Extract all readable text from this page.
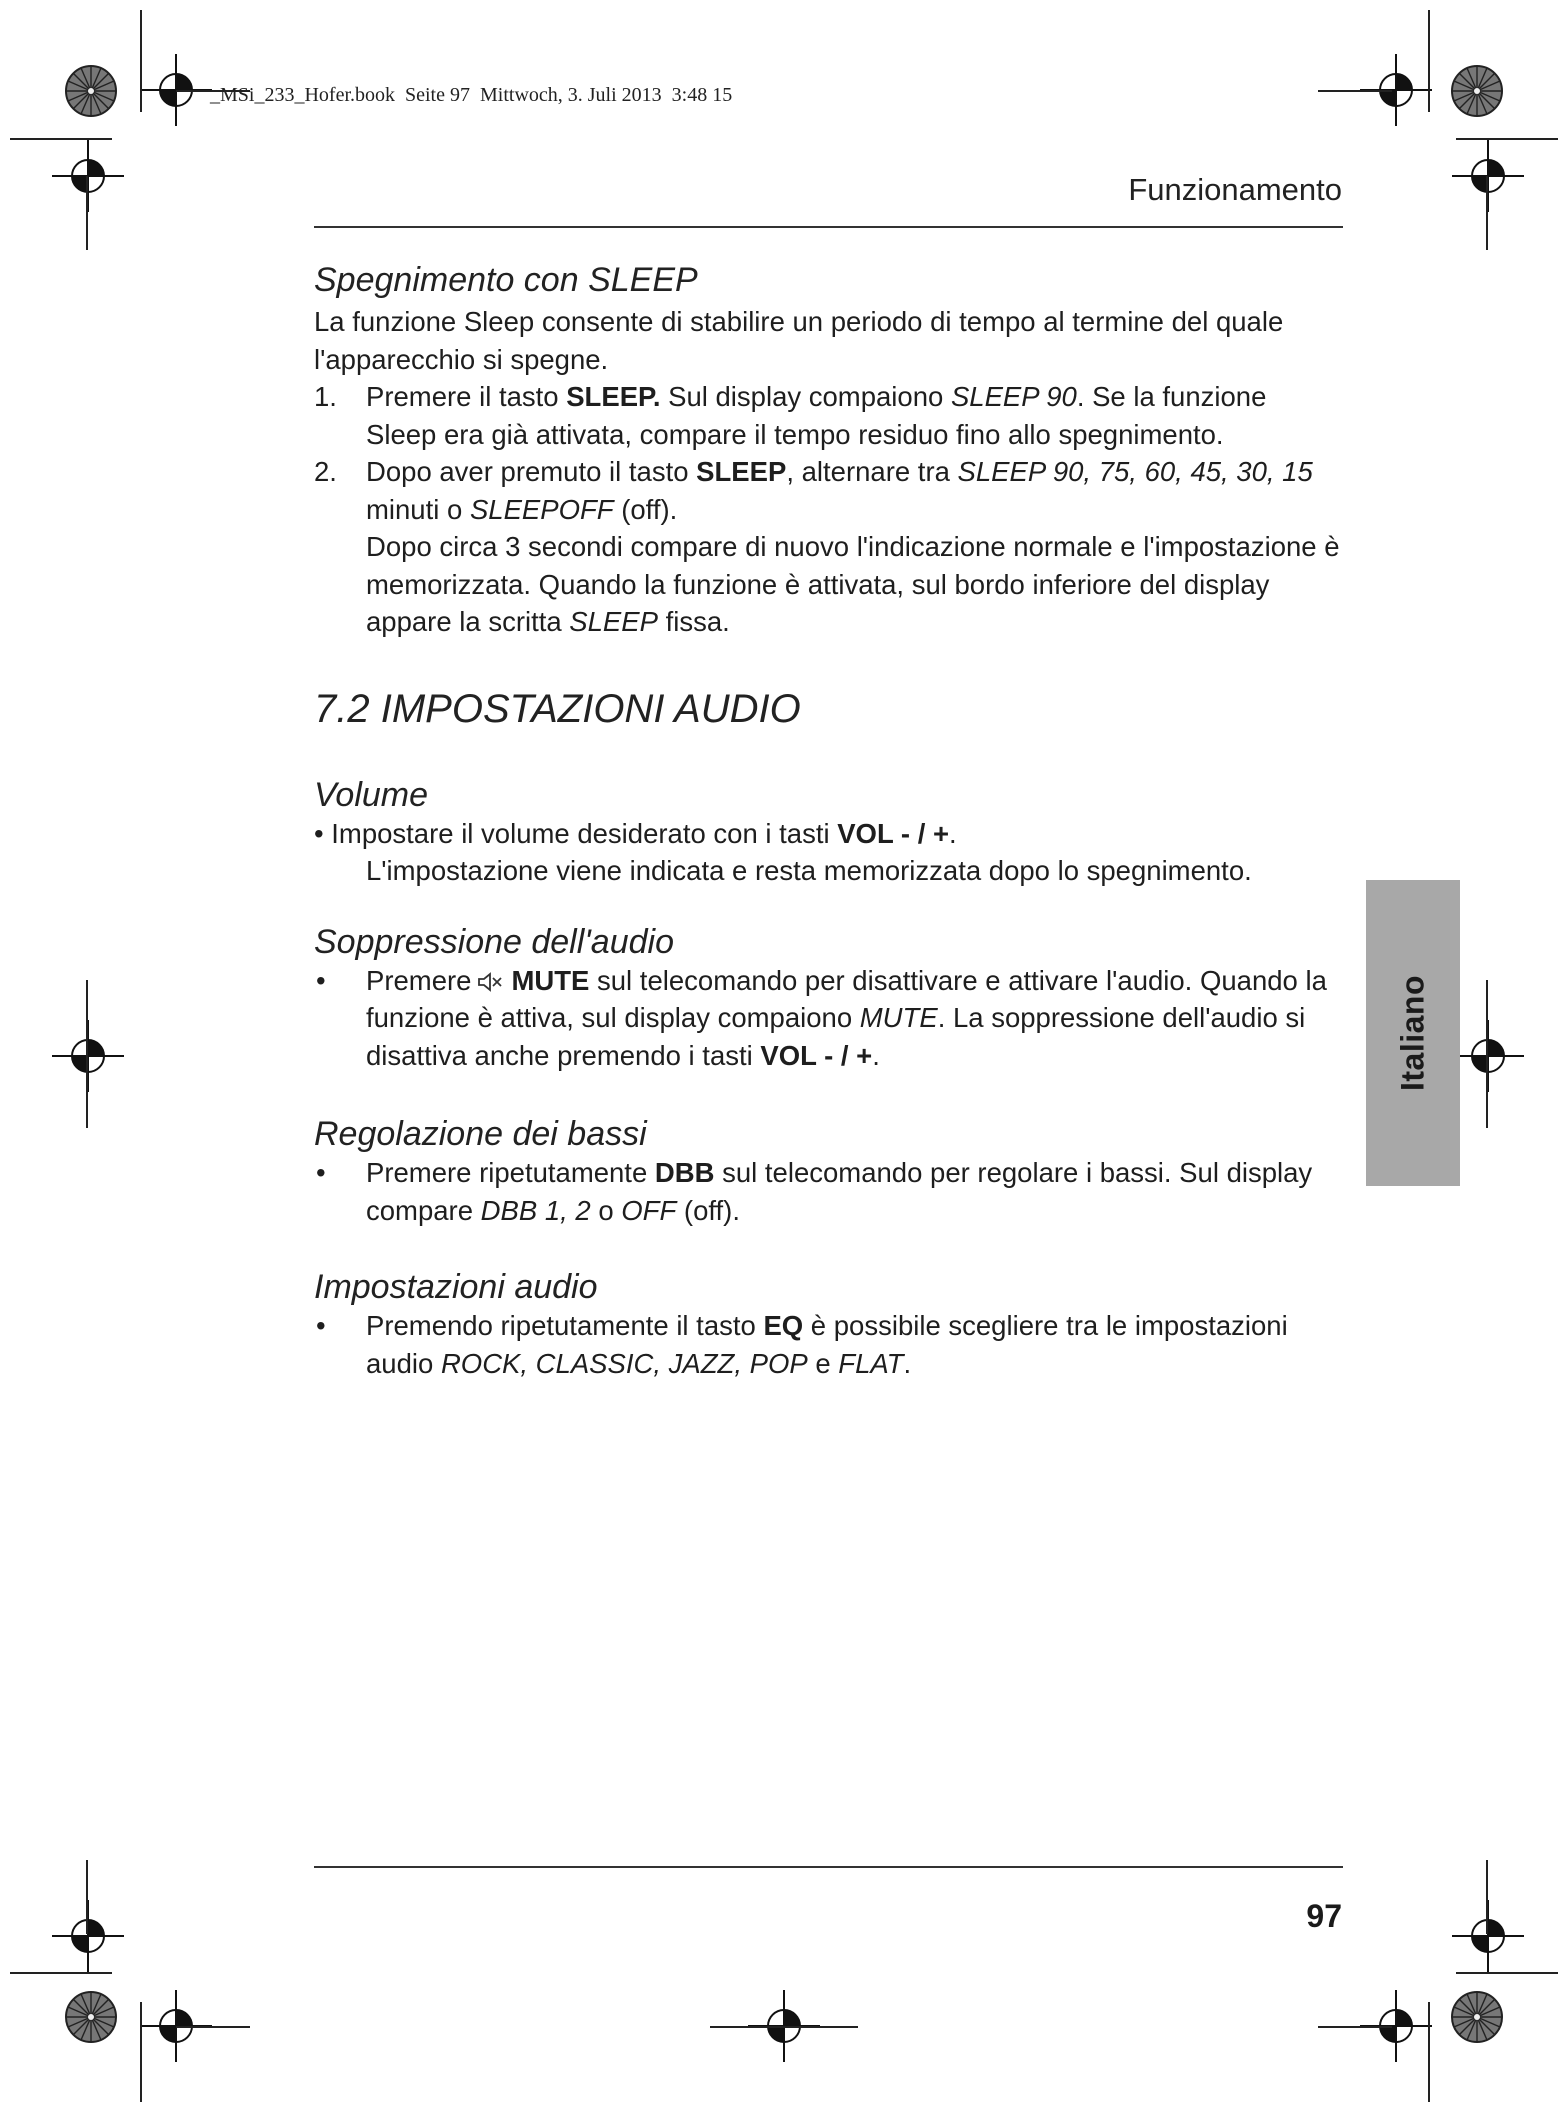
_MSi_233_Hofer.book Seite 97 Mittwoch, 3. Juli 2013 3:48 15
Funzionamento
Spegnimento con SLEEP

La funzione Sleep consente di stabilire un periodo di tempo al termine del quale l'apparecchio si spegne.

1.	Premere il tasto SLEEP. Sul display compaiono SLEEP 90. Se la funzione Sleep era già attivata, compare il tempo residuo fino allo spegnimento.
2.	Dopo aver premuto il tasto SLEEP, alternare tra SLEEP 90, 75, 60, 45, 30, 15 minuti o SLEEPOFF (off).

Dopo circa 3 secondi compare di nuovo l'indicazione normale e l'impostazione è memorizzata. Quando la funzione è attivata, sul bordo inferiore del display appare la scritta SLEEP fissa.

7.2 IMPOSTAZIONI AUDIO
Volume
• Impostare il volume desiderato con i tasti VOL - / +.

L'impostazione viene indicata e resta memorizzata dopo lo spegnimento.

Soppressione dell'audio
•	Premere MUTE sul telecomando per disattivare e attivare l'audio. Quando la funzione è attiva, sul display compaiono MUTE. La soppressione dell'audio si disattiva anche premendo i tasti VOL - / +.
Regolazione dei bassi
•	Premere ripetutamente DBB sul telecomando per regolare i bassi. Sul display compare DBB 1, 2 o OFF (off).
Impostazioni audio
•	Premendo ripetutamente il tasto EQ è possibile scegliere tra le impostazioni audio ROCK, CLASSIC, JAZZ, POP e FLAT.
Italiano
97
